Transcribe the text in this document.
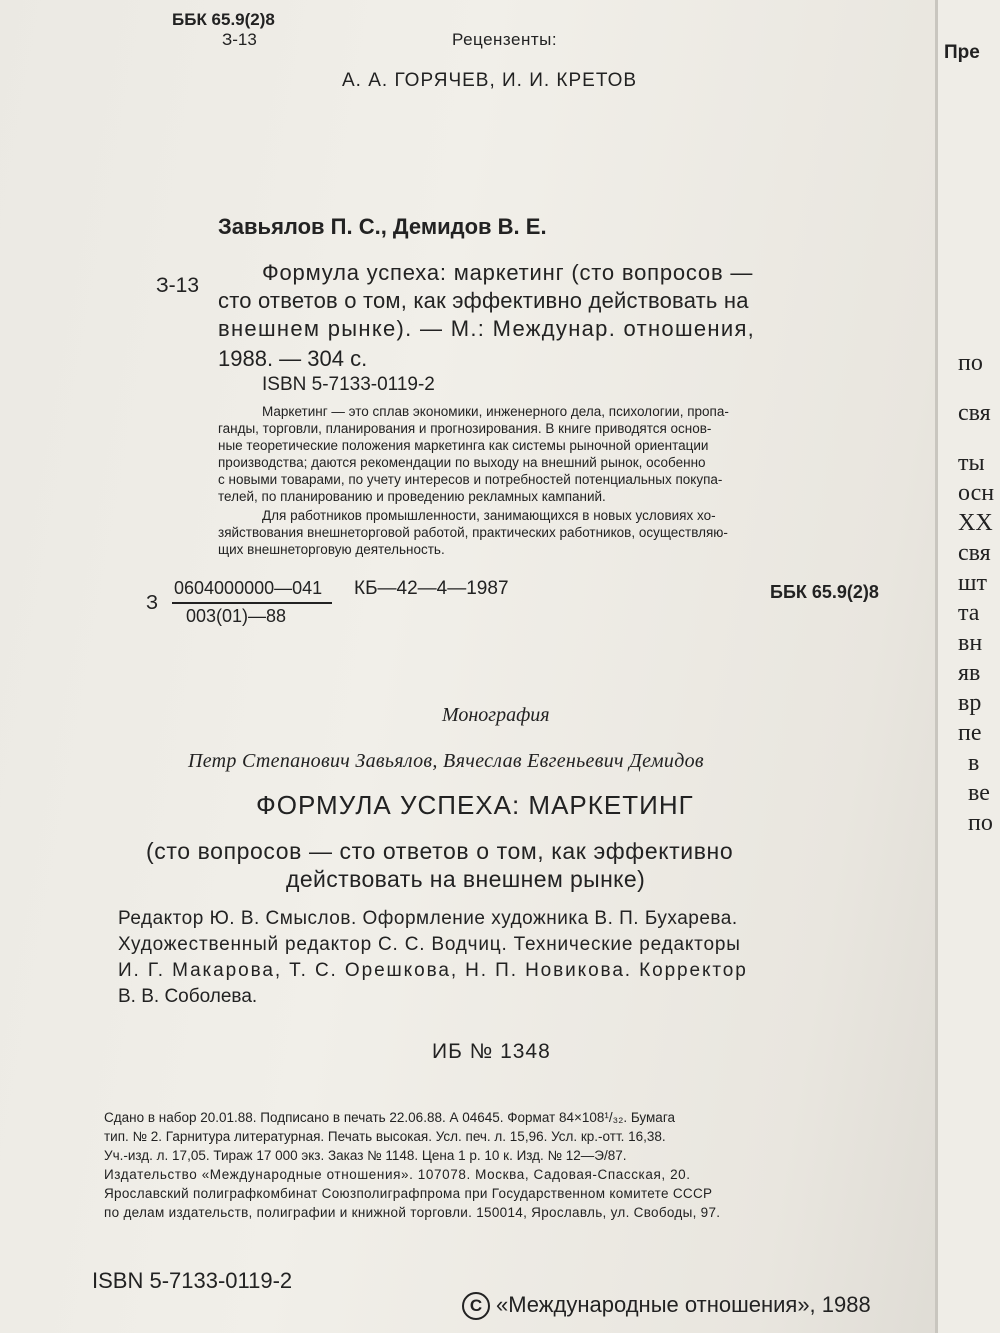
ББК 65.9(2)8
З-13	Рецензенты:
А. А. ГОРЯЧЕВ, И. И. КРЕТОВ
Завьялов П. С., Демидов В. Е.
З-13
Формула успеха: маркетинг (сто вопросов —
сто ответов о том, как эффективно действовать на
внешнем рынке). — М.: Междунар. отношения,
1988. — 304 с.
ISBN 5-7133-0119-2
Маркетинг — это сплав экономики, инженерного дела, психологии, пропа-
ганды, торговли, планирования и прогнозирования. В книге приводятся основ-
ные теоретические положения маркетинга как системы рыночной ориентации
производства; даются рекомендации по выходу на внешний рынок, особенно
с новыми товарами, по учету интересов и потребностей потенциальных покупа-
телей, по планированию и проведению рекламных кампаний.
Для работников промышленности, занимающихся в новых условиях хо-
зяйствования внешнеторговой работой, практических работников, осуществляю-
щих внешнеторговую деятельность.
З
0604000000—041
003(01)—88
КБ—42—4—1987	ББК 65.9(2)8
Монография
Петр Степанович Завьялов, Вячеслав Евгеньевич Демидов
ФОРМУЛА УСПЕХА: МАРКЕТИНГ
(сто вопросов — сто ответов о том, как эффективно
действовать на внешнем рынке)
Редактор Ю. В. Смыслов. Оформление художника В. П. Бухарева.
Художественный редактор С. С. Водчиц. Технические редакторы
И. Г. Макарова, Т. С. Орешкова, Н. П. Новикова. Корректор
В. В. Соболева.
ИБ № 1348
Сдано в набор 20.01.88. Подписано в печать 22.06.88. А 04645. Формат 84×108¹/₃₂. Бумага
тип. № 2. Гарнитура литературная. Печать высокая. Усл. печ. л. 15,96. Усл. кр.-отт. 16,38.
Уч.-изд. л. 17,05. Тираж 17 000 экз. Заказ № 1148. Цена 1 р. 10 к. Изд. № 12—Э/87.
Издательство «Международные отношения». 107078. Москва, Садовая-Спасская, 20.
Ярославский полиграфкомбинат Союзполиграфпрома при Государственном комитете СССР
по делам издательств, полиграфии и книжной торговли. 150014, Ярославль, ул. Свободы, 97.
ISBN 5-7133-0119-2
C «Международные отношения», 1988
Пре
по
свя
ты
осн
XX
свя
шт
та
вн
яв
вр
пе
в
ве
по
